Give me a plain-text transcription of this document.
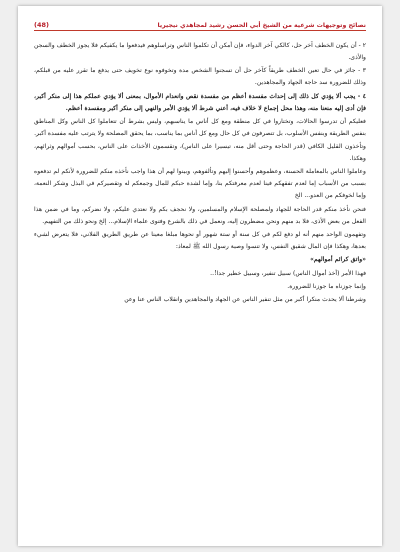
نصائح وتوجيهات شرعية من الشيخ أبي الحسن رشيد لمجاهدي نيجيريا
(48)

٢ - أن يكون الخطف آخر حل، كالكي آخر الدواء، فإن أمكن أن تكلموا الناس وتراسلوهم فيدفعوا ما يكفيكم فلا يجوز الخطف والسجن والأذى.

٣ - جائز في حال تعين الخطف طريقاً كآخر حل أن تسجنوا الشخص مدة وتخوفوه نوع تخويف حتى يدفع ما تقرر عليه من قبلكم، وذلك للضرورة سد حاجة الجهاد والمجاهدين.

٤ - يجب ألا يؤدي كل ذلك إلى إحداث مفسدة أعظم من مفسدة نقص وانعدام الأموال، بمعنى ألا يؤدي عملكم هذا إلى منكر أكبر، فإن أدى إليه منعنا منه، وهذا محل إجماع لا خلاف فيه، أعني شرط ألا يؤدي الأمر والنهي إلى منكر أكبر ومفسدة أعظم.

فعليكم أن تدرسوا الحالات، وتختاروا في كل منطقة ومع كل أناس ما يناسبهم، وليس بشرط أن تتعاملوا كل الناس وكل المناطق بنفس الطريقة وبنفس الأسلوب، بل تتصرفون في كل حال ومع كل أناس بما يناسب، بما يحقق المصلحة ولا يترتب عليه مفسدة أكبر.

وتأخذون القليل الكافي (قدر الحاجة وحتى أقل منه، تيسيرا على الناس)، وتقسمون الأخذات على الناس، بحسب أموالهم وثرائهم، وهكذا.

وعاملوا الناس بالمعاملة الحسنة، وعظموهم وأحسنوا إليهم وتألفوهم، وبينوا لهم أن هذا واجب نأخذه منكم للضرورة لأنكم لم تدفعوه بسبب من الأسباب إما لعدم تفقهكم فينا لعدم معرفتكم بنا، وإما لشدة حبكم للمال وجمعكم له وتقصيركم في البذل وشكر النعمة، وإما لخوفكم من العدو... الخ

فنحن نأخذ منكم قدر الحاجة للجهاد ولمصلحة الإسلام والمسلمين، ولا نحجف بكم ولا نعتدي عليكم، ولا نضركم، وما في ضمن هذا الفعل من بعض الأذى، فلا بد منهم ونحن مضطرون إليه، ونعمل في ذلك بالشرع وفتوى علماء الإسلام... إلخ ونحو ذلك من التفهيم.

وتفهمون الواحد منهم أنه لو دفع لكم في كل سنة أو ستة شهور أو نحوها مبلغا معينا عن طريق الطريق الفلاني، فلا يتعرض لشيء بعدها، وهكذا فإن المال شقيق النفس، ولا تنسوا وصية رسول الله ﷺ لمعاذ:

«واتق كرائم أموالهم»

فهذا الأمر (أخذ أموال الناس) سبيل تنفير، وسبيل خطير جدا!..

وإنما جوزناه ما جوزنا للضرورة.

وشرطنا ألا يحدث منكرا أكبر من مثل تنفير الناس عن الجهاد والمجاهدين وانقلاب الناس عنا وعن
